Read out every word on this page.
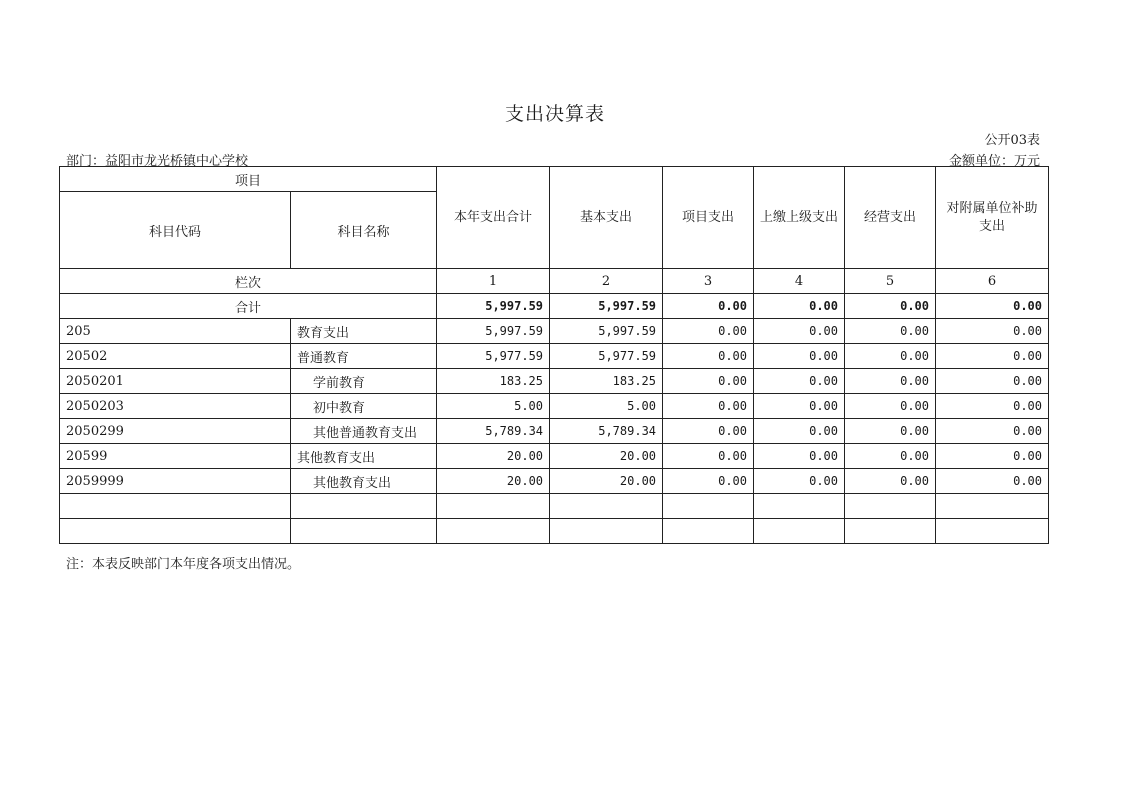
支出决算表
公开03表
部门：益阳市龙光桥镇中心学校	金额单位：万元
项目		本年支出合计	基本支出	项目支出	上缴上级支出	经营支出	对附属单位补助支出
科目代码	科目名称						
栏次		1	2	3	4	5	6
合计		5,997.59	5,997.59	0.00	0.00	0.00	0.00
205	教育支出	5,997.59	5,997.59	0.00	0.00	0.00	0.00
20502	普通教育	5,977.59	5,977.59	0.00	0.00	0.00	0.00
2050201	学前教育	183.25	183.25	0.00	0.00	0.00	0.00
2050203	初中教育	5.00	5.00	0.00	0.00	0.00	0.00
2050299	其他普通教育支出	5,789.34	5,789.34	0.00	0.00	0.00	0.00
20599	其他教育支出	20.00	20.00	0.00	0.00	0.00	0.00
2059999	其他教育支出	20.00	20.00	0.00	0.00	0.00	0.00

注：本表反映部门本年度各项支出情况。
